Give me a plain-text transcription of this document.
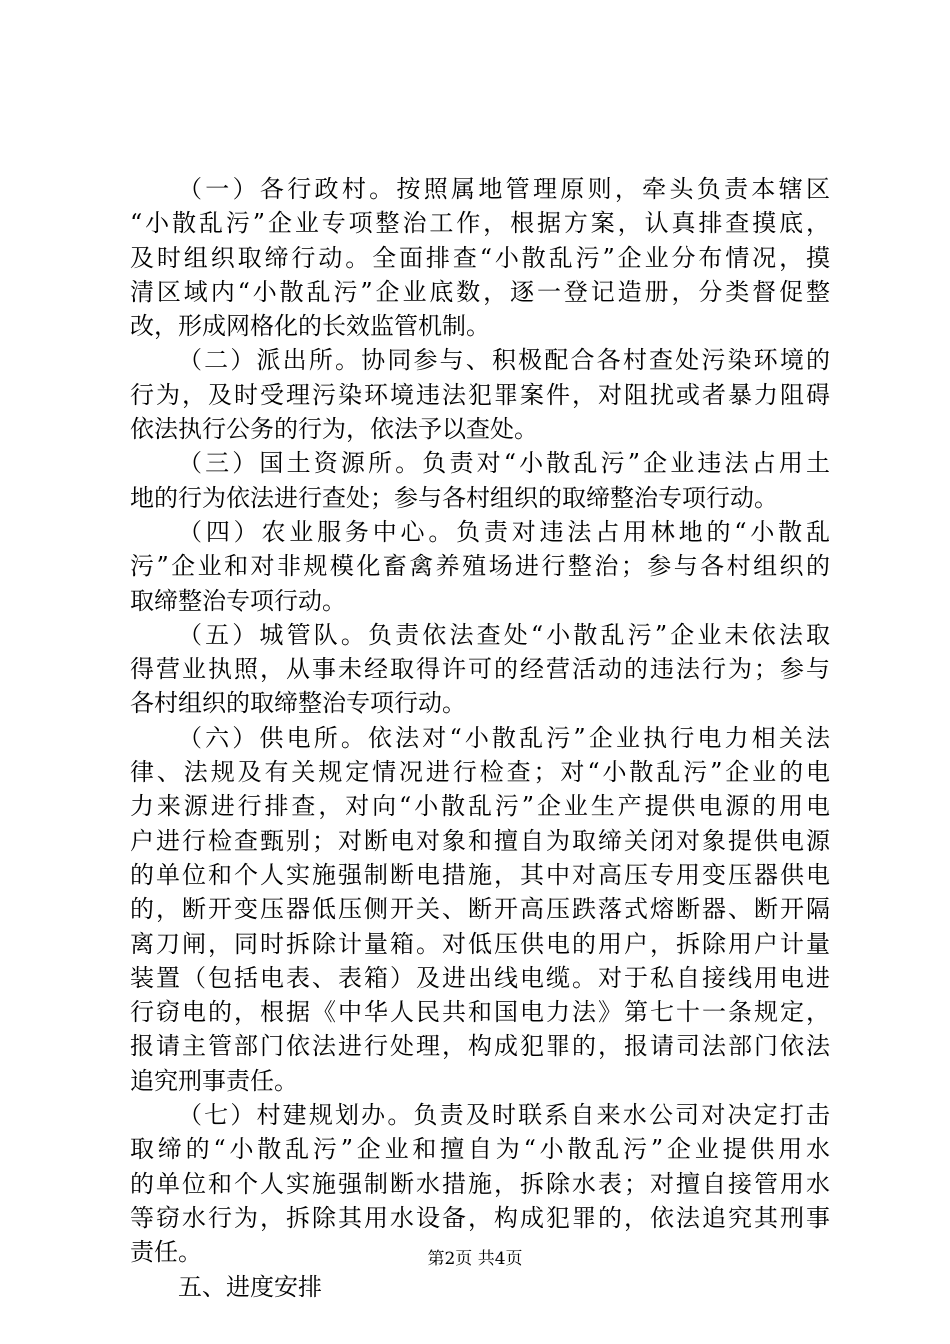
（一）各行政村。按照属地管理原则，牵头负责本辖区
“小散乱污”企业专项整治工作，根据方案，认真排查摸底，
及时组织取缔行动。全面排查“小散乱污”企业分布情况，摸
清区域内“小散乱污”企业底数，逐一登记造册，分类督促整
改，形成网格化的长效监管机制。
（二）派出所。协同参与、积极配合各村查处污染环境的
行为，及时受理污染环境违法犯罪案件，对阻扰或者暴力阻碍
依法执行公务的行为，依法予以查处。
（三）国土资源所。负责对“小散乱污”企业违法占用土
地的行为依法进行查处；参与各村组织的取缔整治专项行动。
（四）农业服务中心。负责对违法占用林地的“小散乱
污”企业和对非规模化畜禽养殖场进行整治；参与各村组织的
取缔整治专项行动。
（五）城管队。负责依法查处“小散乱污”企业未依法取
得营业执照，从事未经取得许可的经营活动的违法行为；参与
各村组织的取缔整治专项行动。
（六）供电所。依法对“小散乱污”企业执行电力相关法
律、法规及有关规定情况进行检查；对“小散乱污”企业的电
力来源进行排查，对向“小散乱污”企业生产提供电源的用电
户进行检查甄别；对断电对象和擅自为取缔关闭对象提供电源
的单位和个人实施强制断电措施，其中对高压专用变压器供电
的，断开变压器低压侧开关、断开高压跌落式熔断器、断开隔
离刀闸，同时拆除计量箱。对低压供电的用户，拆除用户计量
装置（包括电表、表箱）及进出线电缆。对于私自接线用电进
行窃电的，根据《中华人民共和国电力法》第七十一条规定，
报请主管部门依法进行处理，构成犯罪的，报请司法部门依法
追究刑事责任。
（七）村建规划办。负责及时联系自来水公司对决定打击
取缔的“小散乱污”企业和擅自为“小散乱污”企业提供用水
的单位和个人实施强制断水措施，拆除水表；对擅自接管用水
等窃水行为，拆除其用水设备，构成犯罪的，依法追究其刑事
责任。
五、进度安排
第2页 共4页
